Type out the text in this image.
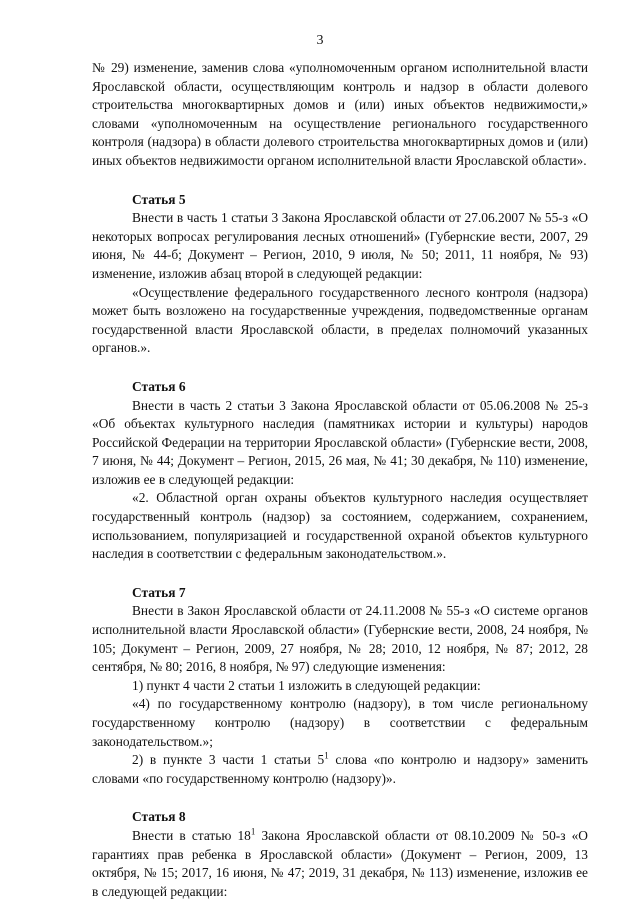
3

№ 29) изменение, заменив слова «уполномоченным органом исполнительной власти Ярославской области, осуществляющим контроль и надзор в области долевого строительства многоквартирных домов и (или) иных объектов недвижимости,» словами «уполномоченным на осуществление регионального государственного контроля (надзора) в области долевого строительства многоквартирных домов и (или) иных объектов недвижимости органом исполнительной власти Ярославской области».

Статья 5

Внести в часть 1 статьи 3 Закона Ярославской области от 27.06.2007 № 55-з «О некоторых вопросах регулирования лесных отношений» (Губернские вести, 2007, 29 июня, № 44-б; Документ – Регион, 2010, 9 июля, № 50; 2011, 11 ноября, № 93) изменение, изложив абзац второй в следующей редакции:

«Осуществление федерального государственного лесного контроля (надзора) может быть возложено на государственные учреждения, подведомственные органам государственной власти Ярославской области, в пределах полномочий указанных органов.».

Статья 6

Внести в часть 2 статьи 3 Закона Ярославской области от 05.06.2008 № 25-з «Об объектах культурного наследия (памятниках истории и культуры) народов Российской Федерации на территории Ярославской области» (Губернские вести, 2008, 7 июня, № 44; Документ – Регион, 2015, 26 мая, № 41; 30 декабря, № 110) изменение, изложив ее в следующей редакции:

«2. Областной орган охраны объектов культурного наследия осуществляет государственный контроль (надзор) за состоянием, содержанием, сохранением, использованием, популяризацией и государственной охраной объектов культурного наследия в соответствии с федеральным законодательством.».

Статья 7

Внести в Закон Ярославской области от 24.11.2008 № 55-з «О системе органов исполнительной власти Ярославской области» (Губернские вести, 2008, 24 ноября, № 105; Документ – Регион, 2009, 27 ноября, № 28; 2010, 12 ноября, № 87; 2012, 28 сентября, № 80; 2016, 8 ноября, № 97) следующие изменения:

1) пункт 4 части 2 статьи 1 изложить в следующей редакции:

«4) по государственному контролю (надзору), в том числе региональному государственному контролю (надзору) в соответствии с федеральным законодательством.»;

2) в пункте 3 части 1 статьи $5^1$ слова «по контролю и надзору» заменить словами «по государственному контролю (надзору)».

Статья 8

Внести в статью $18^1$ Закона Ярославской области от 08.10.2009 № 50-з «О гарантиях прав ребенка в Ярославской области» (Документ – Регион, 2009, 13 октября, № 15; 2017, 16 июня, № 47; 2019, 31 декабря, № 113) изменение, изложив ее в следующей редакции:
